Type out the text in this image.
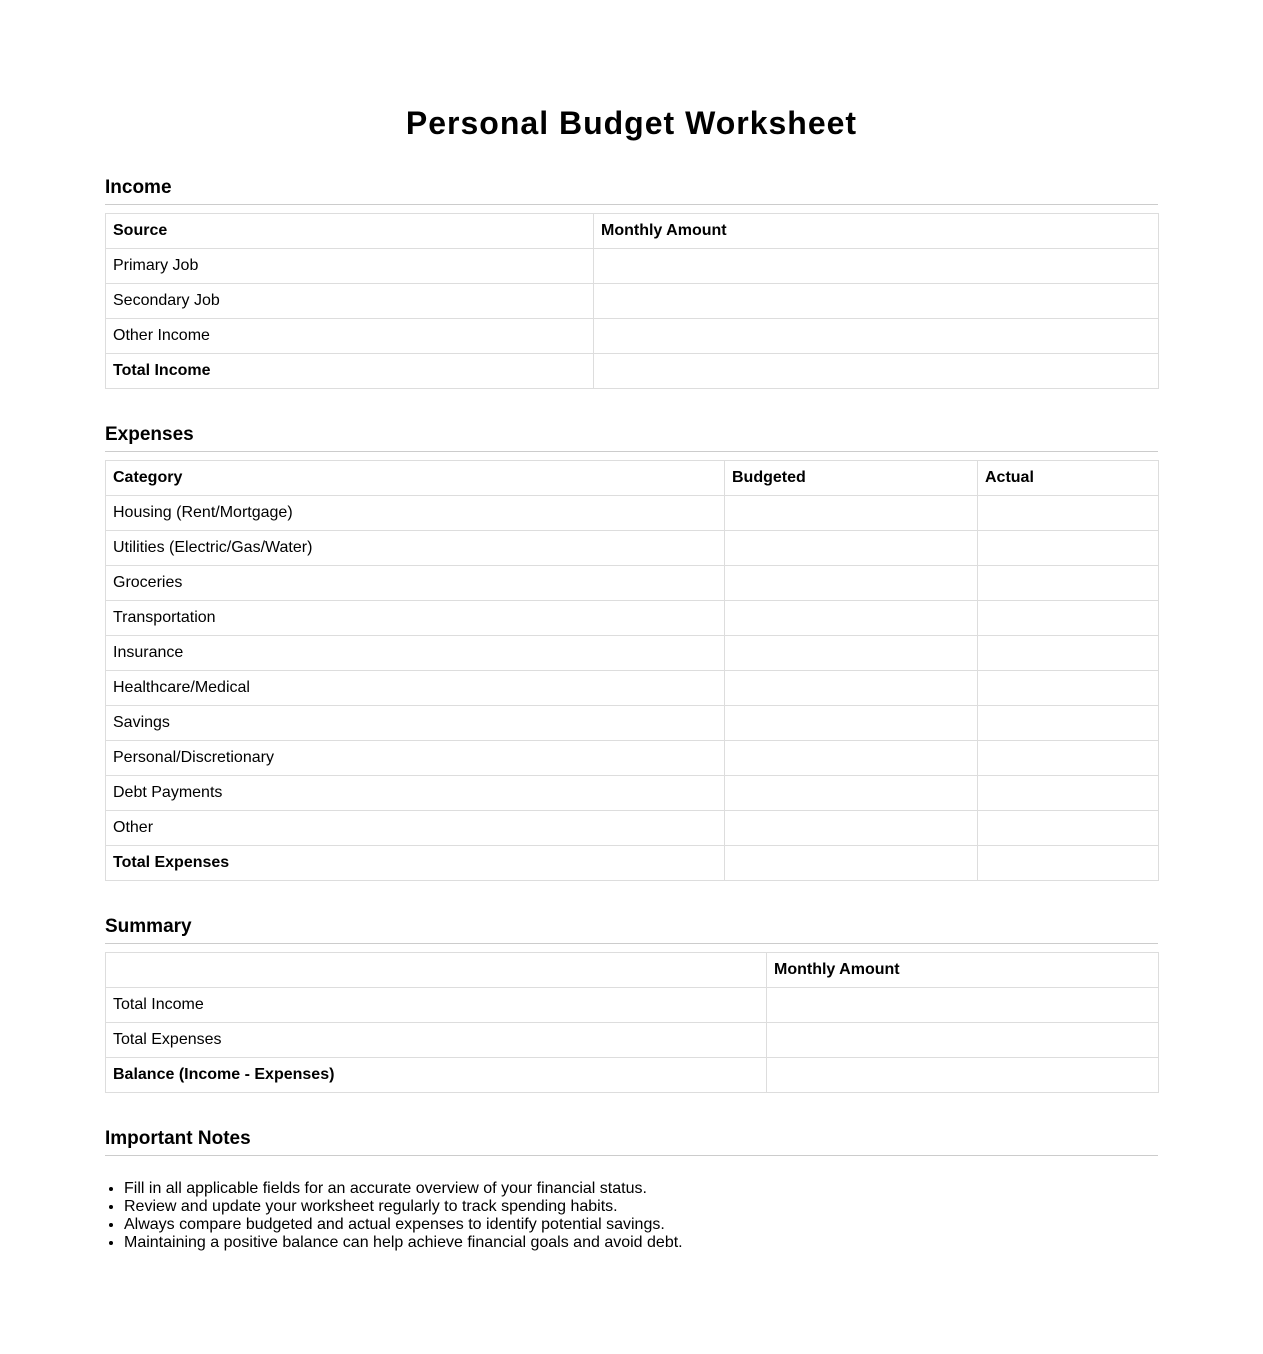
Personal Budget Worksheet
Income
Source	Monthly Amount
Primary Job	
Secondary Job	
Other Income	
Total Income	
Expenses
Category	Budgeted	Actual
Housing (Rent/Mortgage)		
Utilities (Electric/Gas/Water)		
Groceries		
Transportation		
Insurance		
Healthcare/Medical		
Savings		
Personal/Discretionary		
Debt Payments		
Other		
Total Expenses		
Summary
	Monthly Amount
Total Income	
Total Expenses	
Balance (Income - Expenses)	
Important Notes
• Fill in all applicable fields for an accurate overview of your financial status.
• Review and update your worksheet regularly to track spending habits.
• Always compare budgeted and actual expenses to identify potential savings.
• Maintaining a positive balance can help achieve financial goals and avoid debt.
